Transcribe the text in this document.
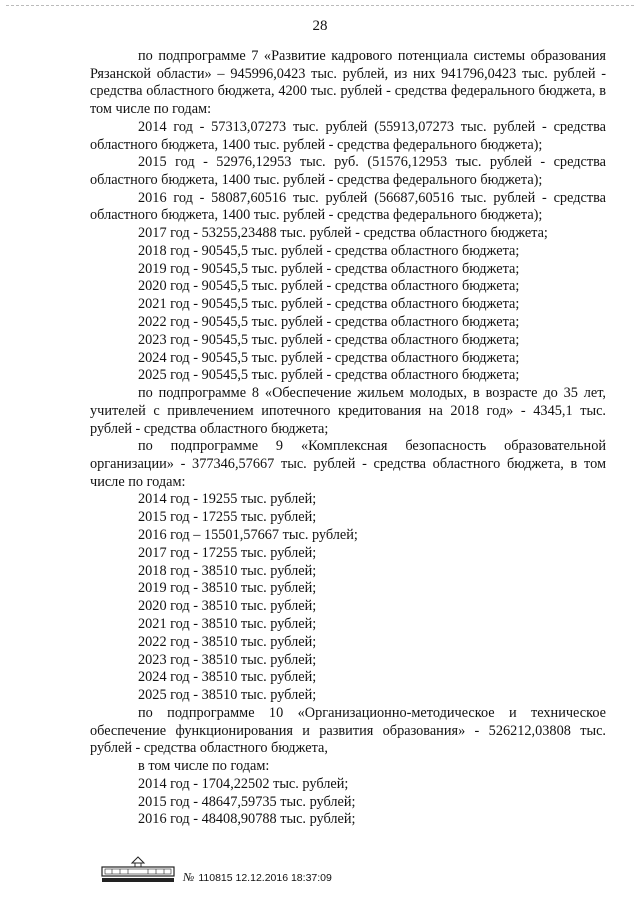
28

по подпрограмме 7 «Развитие кадрового потенциала системы образования Рязанской области» – 945996,0423 тыс. рублей, из них 941796,0423 тыс. рублей - средства областного бюджета, 4200 тыс. рублей - средства федерального бюджета, в том числе по годам:

2014 год - 57313,07273 тыс. рублей (55913,07273 тыс. рублей - средства областного бюджета, 1400 тыс. рублей - средства федерального бюджета);

2015 год - 52976,12953 тыс. руб. (51576,12953 тыс. рублей - средства областного бюджета, 1400 тыс. рублей - средства федерального бюджета);

2016 год - 58087,60516 тыс. рублей (56687,60516 тыс. рублей - средства областного бюджета, 1400 тыс. рублей - средства федерального бюджета);

2017 год - 53255,23488 тыс. рублей - средства областного бюджета;

2018 год - 90545,5 тыс. рублей - средства областного бюджета;

2019 год - 90545,5 тыс. рублей - средства областного бюджета;

2020 год - 90545,5 тыс. рублей - средства областного бюджета;

2021 год - 90545,5 тыс. рублей - средства областного бюджета;

2022 год - 90545,5 тыс. рублей - средства областного бюджета;

2023 год - 90545,5 тыс. рублей - средства областного бюджета;

2024 год - 90545,5 тыс. рублей - средства областного бюджета;

2025 год - 90545,5 тыс. рублей - средства областного бюджета;

по подпрограмме 8 «Обеспечение жильем молодых, в возрасте до 35 лет, учителей с привлечением ипотечного кредитования на 2018 год» - 4345,1 тыс. рублей - средства областного бюджета;

по подпрограмме 9 «Комплексная безопасность образовательной организации» - 377346,57667 тыс. рублей - средства областного бюджета, в том числе по годам:

2014 год - 19255 тыс. рублей;

2015 год - 17255 тыс. рублей;

2016 год – 15501,57667 тыс. рублей;

2017 год - 17255 тыс. рублей;

2018 год - 38510 тыс. рублей;

2019 год - 38510 тыс. рублей;

2020 год - 38510 тыс. рублей;

2021 год - 38510 тыс. рублей;

2022 год - 38510 тыс. рублей;

2023 год - 38510 тыс. рублей;

2024 год - 38510 тыс. рублей;

2025 год - 38510 тыс. рублей;

по подпрограмме 10 «Организационно-методическое и техническое обеспечение функционирования и развития образования» - 526212,03808 тыс. рублей - средства областного бюджета,

в том числе по годам:

2014 год - 1704,22502 тыс. рублей;

2015 год - 48647,59735 тыс. рублей;

2016 год - 48408,90788 тыс. рублей;

№ 110815 12.12.2016 18:37:09
